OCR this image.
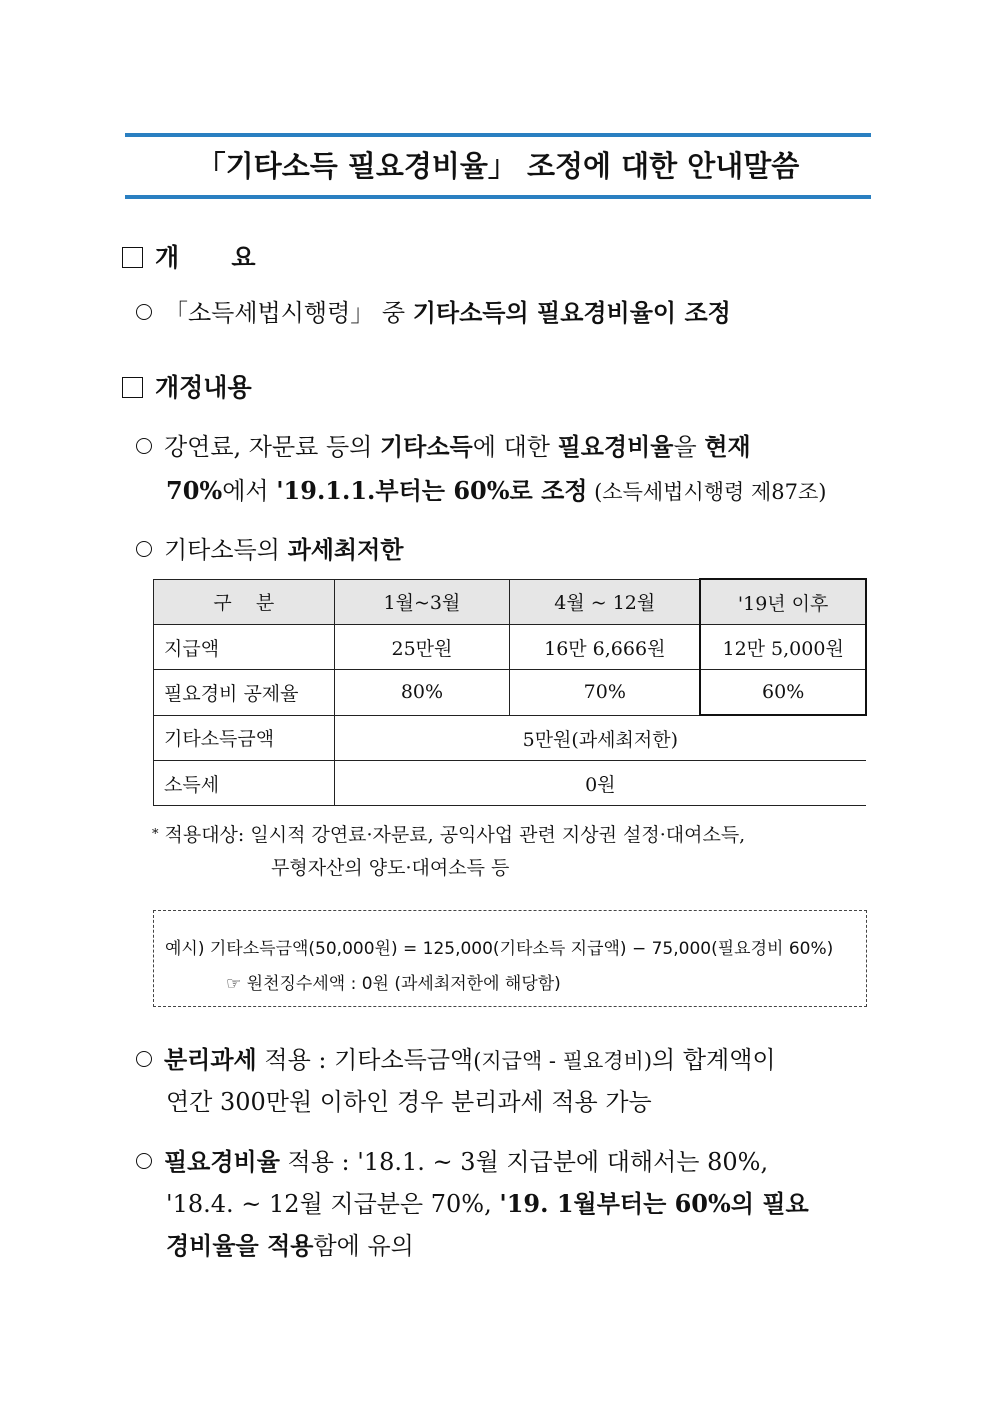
「기타소득 필요경비율」 조정에 대한 안내말씀
개      요
「소득세법시행령」 중 기타소득의 필요경비율이 조정
개정내용
강연료, 자문료 등의 기타소득에 대한 필요경비율을 현재
70%에서 '19.1.1.부터는 60%로 조정 (소득세법시행령 제87조)
기타소득의 과세최저한
구    분	1월~3월	4월 ~ 12월	'19년 이후
지급액	25만원	16만 6,666원	12만 5,000원
필요경비 공제율	80%	70%	60%
기타소득금액	5만원(과세최저한)		
소득세	0원		
* 적용대상: 일시적 강연료·자문료, 공익사업 관련 지상권 설정·대여소득,
무형자산의 양도·대여소득 등
예시) 기타소득금액(50,000원) = 125,000(기타소득 지급액) − 75,000(필요경비 60%)
☞ 원천징수세액 : 0원 (과세최저한에 해당함)
분리과세 적용 : 기타소득금액(지급액 - 필요경비)의 합계액이
연간 300만원 이하인 경우 분리과세 적용 가능
필요경비율 적용 : '18.1. ~ 3월 지급분에 대해서는 80%,
'18.4. ~ 12월 지급분은 70%, '19. 1월부터는 60%의 필요
경비율을 적용함에 유의
